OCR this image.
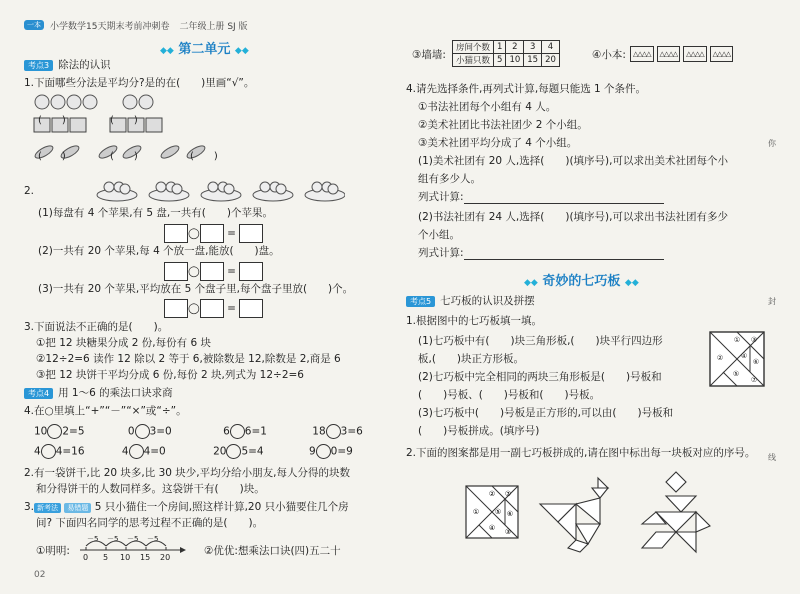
一本	小学数学15天期末考前冲刺卷 二年级上册 SJ 版
◆◆ 第二单元 ◆◆
考点3 除法的认识
1.下面哪些分法是平均分?是的在(　　)里画“√”。
(　　)	(　　)
(　　)	(　　)	(　　)
2.
(1)每盘有 4 个苹果,有 5 盘,一共有(　　)个苹果。
◯	=
(2)一共有 20 个苹果,每 4 个放一盘,能放(　　)盘。
◯	=
(3)一共有 20 个苹果,平均放在 5 个盘子里,每个盘子里放(　　)个。
◯	=
3.下面说法不正确的是(　　)。
①把 12 块糖果分成 2 份,每份有 6 块
②12÷2=6 读作 12 除以 2 等于 6,被除数是 12,除数是 2,商是 6
③把 12 块饼干平均分成 6 份,每份 2 块,列式为 12÷2=6
考点4 用 1～6 的乘法口诀求商
4.在○里填上“+”“－”“×”或“÷”。
10 2=5	0 3=0	6 6=1	18 3=6
4 4=16	4 4=0	20 5=4	9 0=9
2.有一袋饼干,比 20 块多,比 30 块少,平均分给小朋友,每人分得的块数
和分得饼干的人数同样多。这袋饼干有(　　)块。
3. 新考法 易错题 5 只小猫住一个房间,照这样计算,20 只小猫要住几个房
间? 下面四名同学的思考过程不正确的是(　　)。
①明明:
－5 －5 －5 －5
0 5 10 15 20
②优优:想乘法口诀(四)五二十
02
③墙墙:
房间个数	1	2	3	4
小猫只数	5	10	15	20	④小本:	△△△△ △△△△ △△△△ △△△△
4.请先选择条件,再列式计算,每题只能选 1 个条件。
①书法社团每个小组有 4 人。
②美术社团比书法社团少 2 个小组。
③美术社团平均分成了 4 个小组。
(1)美术社团有 20 人,选择(　　)(填序号),可以求出美术社团每个小
组有多少人。
列式计算:
(2)书法社团有 24 人,选择(　　)(填序号),可以求出书法社团有多少
个小组。
列式计算:
◆◆ 奇妙的七巧板 ◆◆
考点5 七巧板的认识及拼摆
1.根据图中的七巧板填一填。
(1)七巧板中有(　　)块三角形板,(　　)块平行四边形
板,(　　)块正方形板。
(2)七巧板中完全相同的两块三角形板是(　　)号板和
(　　)号板、(　　)号板和(　　)号板。
(3)七巧板中(　　)号板是正方形的,可以由(　　)号板和
(　　)号板拼成。(填序号)
①
②
③
④
⑤
⑥
⑦
2.下面的图案都是用一副七巧板拼成的,请在图中标出每一块板对应的序号。
② ⑦
① ⑤ ⑥
④ ③
你
封
线
